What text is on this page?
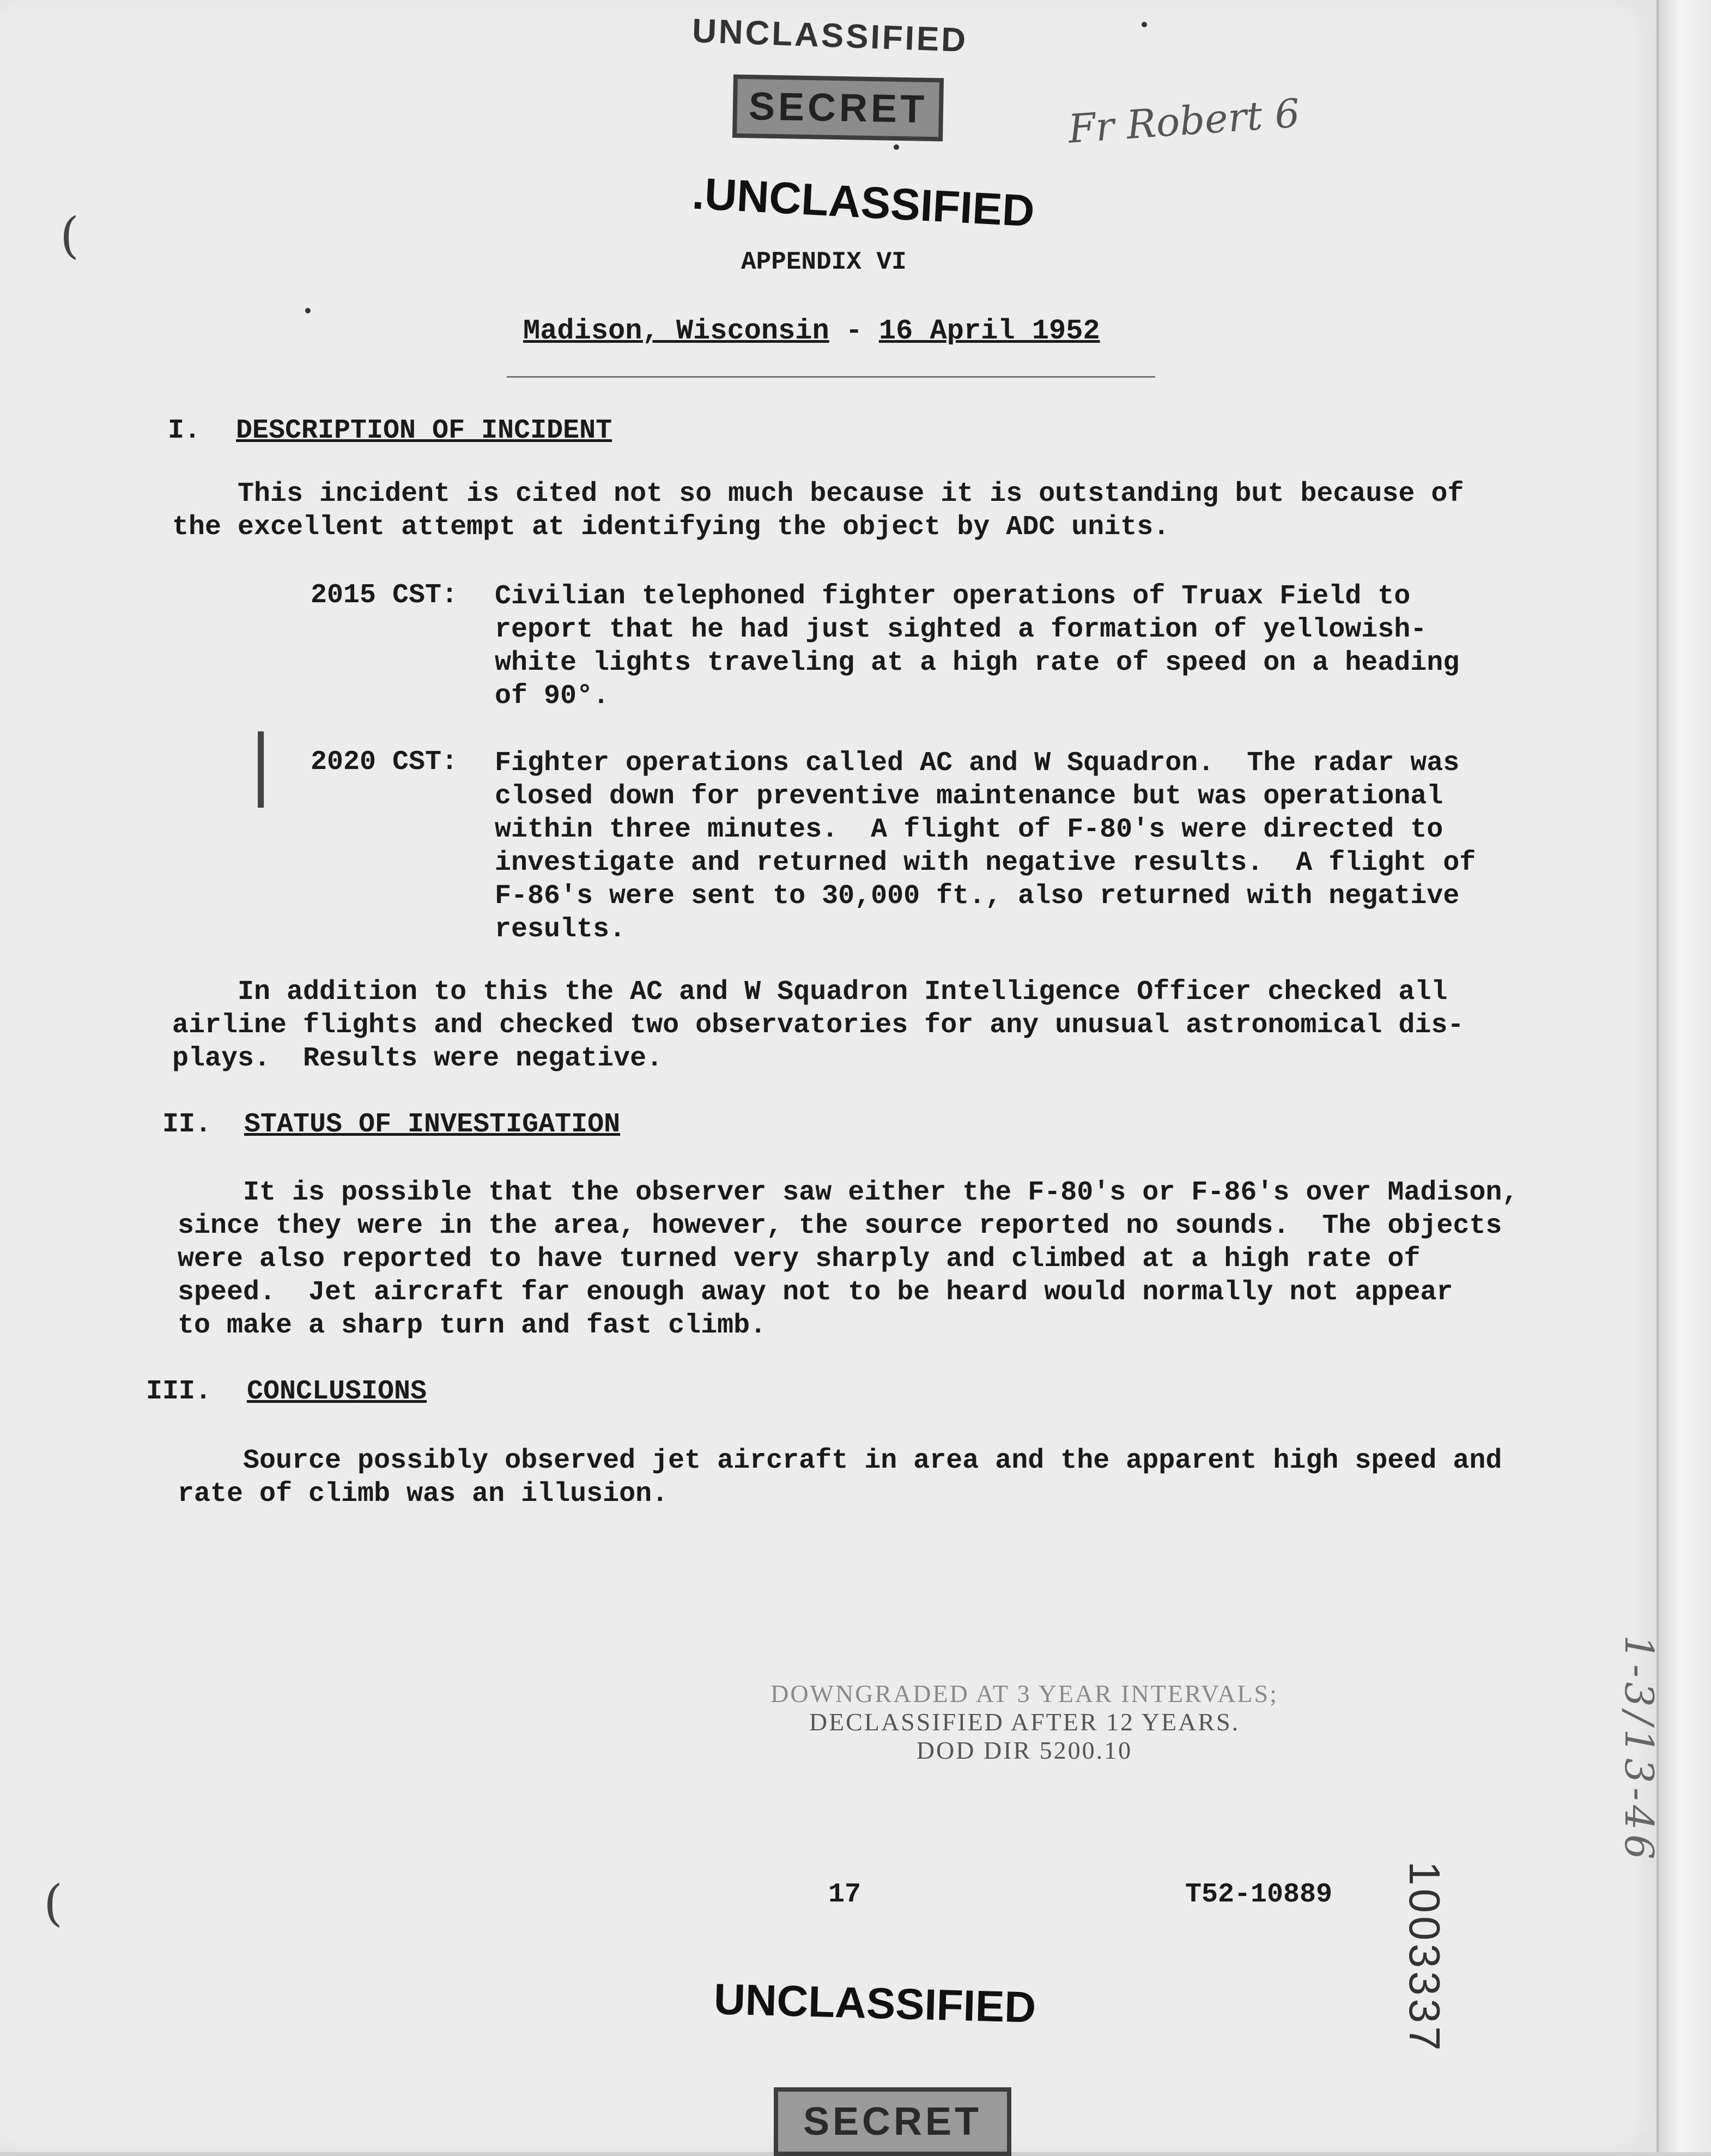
UNCLASSIFIED
SECRET	Fr Robert 6
.UNCLASSIFIED
APPENDIX VI
Madison, Wisconsin - 16 April 1952
(
|
(
I. DESCRIPTION OF INCIDENT
This incident is cited not so much because it is outstanding but because of
the excellent attempt at identifying the object by ADC units.
2015 CST: Civilian telephoned fighter operations of Truax Field to
report that he had just sighted a formation of yellowish-
white lights traveling at a high rate of speed on a heading
of 90°.
2020 CST: Fighter operations called AC and W Squadron.  The radar was
closed down for preventive maintenance but was operational
within three minutes.  A flight of F-80's were directed to
investigate and returned with negative results.  A flight of
F-86's were sent to 30,000 ft., also returned with negative
results.
In addition to this the AC and W Squadron Intelligence Officer checked all
airline flights and checked two observatories for any unusual astronomical dis-
plays.  Results were negative.
II. STATUS OF INVESTIGATION
It is possible that the observer saw either the F-80's or F-86's over Madison,
since they were in the area, however, the source reported no sounds.  The objects
were also reported to have turned very sharply and climbed at a high rate of
speed.  Jet aircraft far enough away not to be heard would normally not appear
to make a sharp turn and fast climb.
III. CONCLUSIONS
Source possibly observed jet aircraft in area and the apparent high speed and
rate of climb was an illusion.
DOWNGRADED AT 3 YEAR INTERVALS;
DECLASSIFIED AFTER 12 YEARS.
DOD DIR 5200.10
17	T52-10889 1003337
UNCLASSIFIED
SECRET
1-3/13-46
